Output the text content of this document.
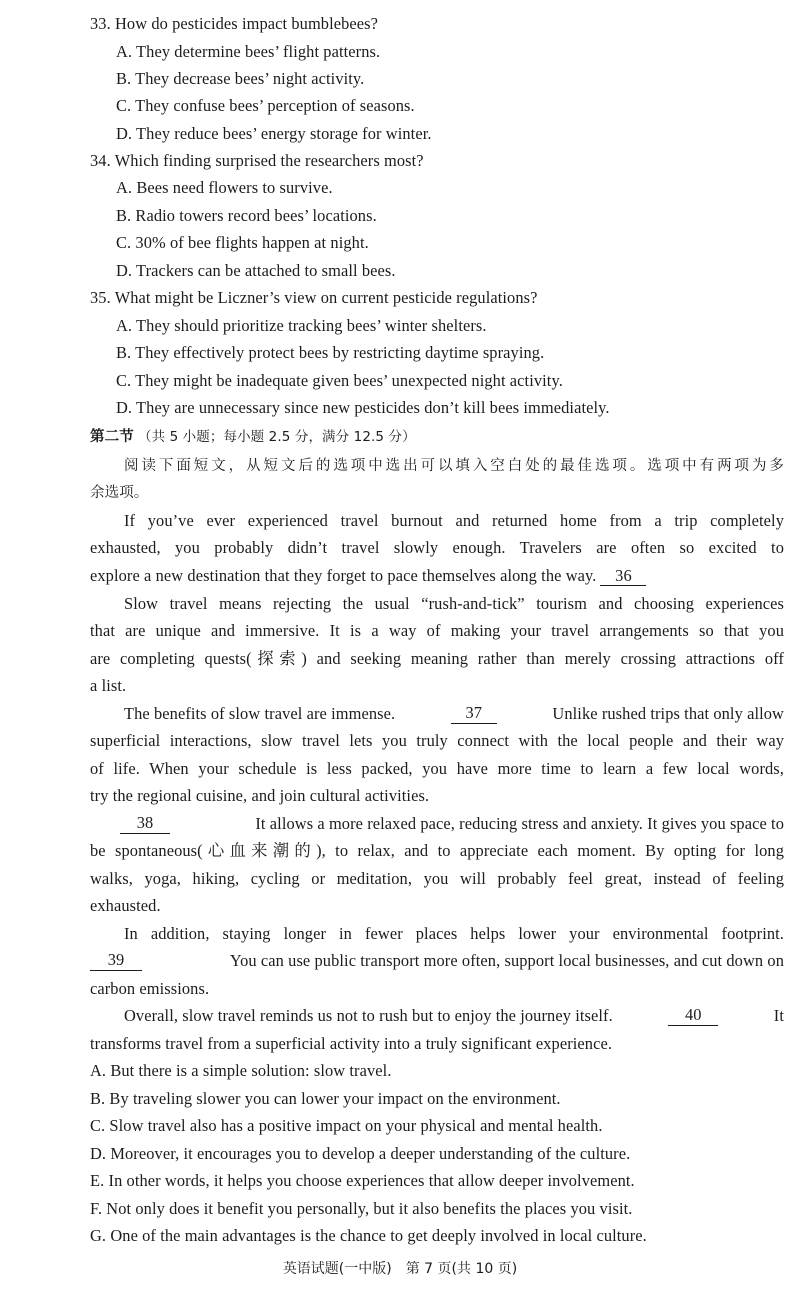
33. How do pesticides impact bumblebees?
A. They determine bees’ flight patterns.
B. They decrease bees’ night activity.
C. They confuse bees’ perception of seasons.
D. They reduce bees’ energy storage for winter.
34. Which finding surprised the researchers most?
A. Bees need flowers to survive.
B. Radio towers record bees’ locations.
C. 30% of bee flights happen at night.
D. Trackers can be attached to small bees.
35. What might be Liczner’s view on current pesticide regulations?
A. They should prioritize tracking bees’ winter shelters.
B. They effectively protect bees by restricting daytime spraying.
C. They might be inadequate given bees’ unexpected night activity.
D. They are unnecessary since new pesticides don’t kill bees immediately.
第二节 （共 5 小题；每小题 2.5 分，满分 12.5 分）
阅读下面短文，从短文后的选项中选出可以填入空白处的最佳选项。选项中有两项为多
余选项。
If you’ve ever experienced travel burnout and returned home from a trip completely
exhausted, you probably didn’t travel slowly enough. Travelers are often so excited to
explore a new destination that they forget to pace themselves along the way. 36
Slow travel means rejecting the usual “rush-and-tick” tourism and choosing experiences
that are unique and immersive. It is a way of making your travel arrangements so that you
are completing quests(探索) and seeking meaning rather than merely crossing attractions off
a list.
The benefits of slow travel are immense.	37	Unlike rushed trips that only allow
superficial interactions, slow travel lets you truly connect with the local people and their way
of life. When your schedule is less packed, you have more time to learn a few local words,
try the regional cuisine, and join cultural activities.
38	It allows a more relaxed pace, reducing stress and anxiety. It gives you space to
be spontaneous(心血来潮的), to relax, and to appreciate each moment. By opting for long
walks, yoga, hiking, cycling or meditation, you will probably feel great, instead of feeling
exhausted.
In addition, staying longer in fewer places helps lower your environmental footprint.
39	You can use public transport more often, support local businesses, and cut down on
carbon emissions.
Overall, slow travel reminds us not to rush but to enjoy the journey itself.	40	It
transforms travel from a superficial activity into a truly significant experience.
A. But there is a simple solution: slow travel.
B. By traveling slower you can lower your impact on the environment.
C. Slow travel also has a positive impact on your physical and mental health.
D. Moreover, it encourages you to develop a deeper understanding of the culture.
E. In other words, it helps you choose experiences that allow deeper involvement.
F. Not only does it benefit you personally, but it also benefits the places you visit.
G. One of the main advantages is the chance to get deeply involved in local culture.
英语试题(一中版)　第 7 页(共 10 页)
